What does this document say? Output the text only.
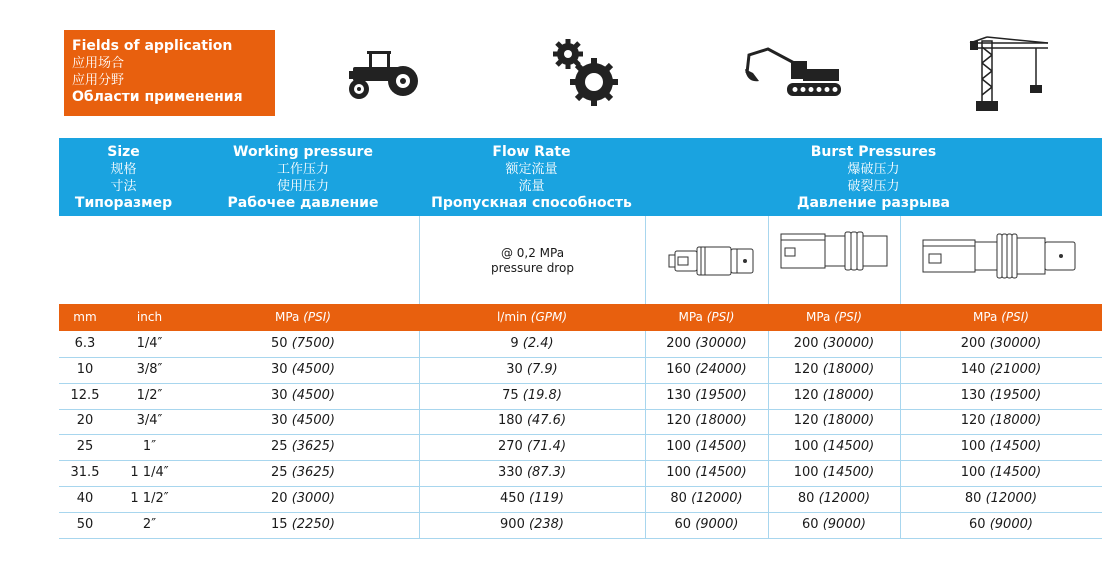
Fields of application
应用场合
应用分野
Области применения
Size
规格
寸法
Типоразмер
Working pressure
工作压力
使用压力
Рабочее давление
Flow Rate
额定流量
流量
Пропускная способность
Burst Pressures
爆破压力
破裂压力
Давление разрыва
@ 0,2 MPa
pressure drop
mm	inch	MPa (PSI)	l/min (GPM)	MPa (PSI)	MPa (PSI)	MPa (PSI)
6.3	1/4″	50 (7500)	9 (2.4)	200 (30000)	200 (30000)	200 (30000)
10	3/8″	30 (4500)	30 (7.9)	160 (24000)	120 (18000)	140 (21000)
12.5	1/2″	30 (4500)	75 (19.8)	130 (19500)	120 (18000)	130 (19500)
20	3/4″	30 (4500)	180 (47.6)	120 (18000)	120 (18000)	120 (18000)
25	1″	25 (3625)	270 (71.4)	100 (14500)	100 (14500)	100 (14500)
31.5	1 1/4″	25 (3625)	330 (87.3)	100 (14500)	100 (14500)	100 (14500)
40	1 1/2″	20 (3000)	450 (119)	80 (12000)	80 (12000)	80 (12000)
50	2″	15 (2250)	900 (238)	60 (9000)	60 (9000)	60 (9000)
